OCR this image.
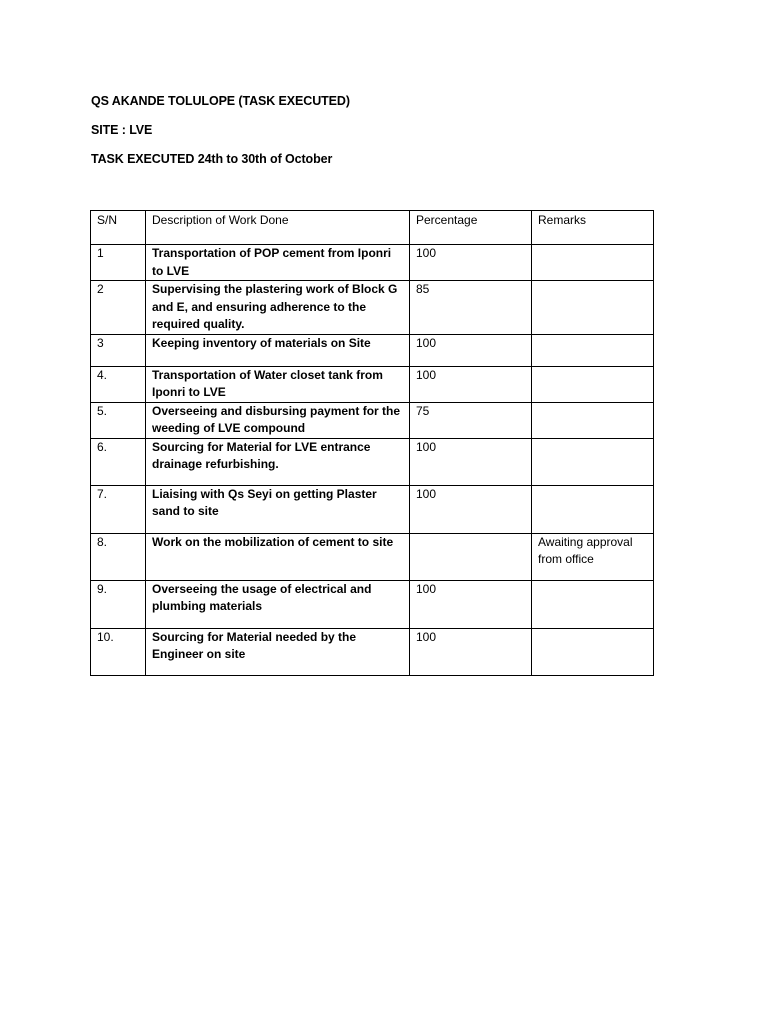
QS AKANDE TOLULOPE (TASK EXECUTED)
SITE : LVE
TASK EXECUTED 24th to 30th of October
S/N	Description of Work Done	Percentage	Remarks
1	Transportation of POP cement from Iponri to LVE	100	
2	Supervising the plastering work of Block G and E, and ensuring adherence to the required quality.	85	
3	Keeping inventory of materials on Site	100	
4.	Transportation of Water closet tank from Iponri to LVE	100	
5.	Overseeing and disbursing payment for the weeding of LVE compound	75	
6.	Sourcing for Material for LVE entrance drainage refurbishing.	100	
7.	Liaising with Qs Seyi on getting Plaster sand to site	100	
8.	Work on the mobilization of cement to site		Awaiting approval from office
9.	Overseeing the usage of electrical and plumbing materials	100	
10.	Sourcing for Material needed by the Engineer on site	100	
